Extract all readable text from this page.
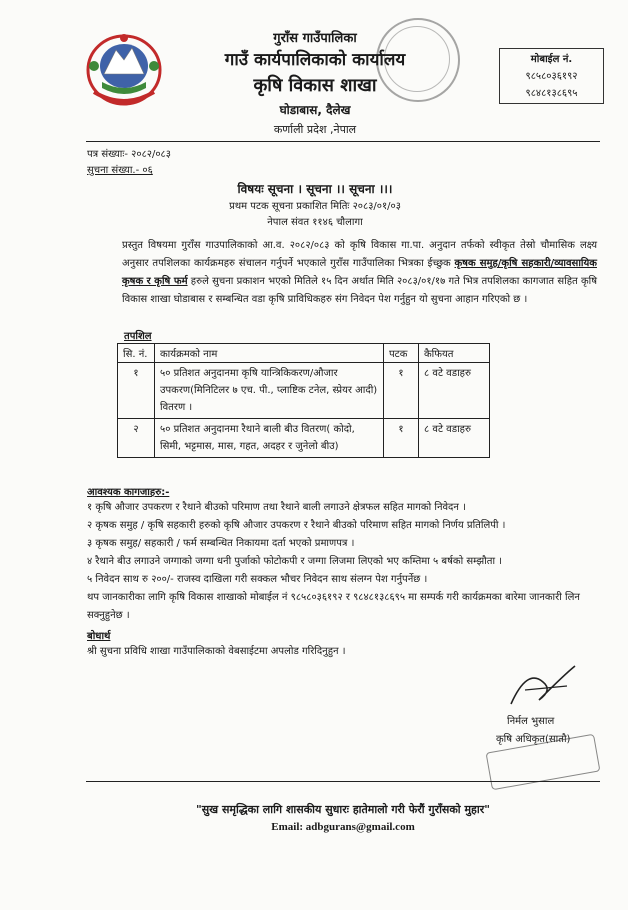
गुराँस गाउँपालिका
गाउँ कार्यपालिकाको कार्यालय
कृषि विकास शाखा
घोडाबास, दैलेख
कर्णाली प्रदेश ,नेपाल
मोबाईल नं.
९८५८०३६१९२
९८४८१३८६९५
पत्र संख्याः- २०८२/०८३
सुचना संख्या.- ०६
विषयः सूचना । सूचना ।। सूचना ।।।
प्रथम पटक सूचना प्रकाशित मितिः २०८३/०१/०३
नेपाल संवत ११४६ चौलागा
प्रस्तुत विषयमा गुराँस गाउपालिकाको आ.व. २०८२/०८३ को कृषि विकास गा.पा. अनुदान तर्फको स्वीकृत तेस्रो चौमासिक लक्ष्य अनुसार तपशिलका कार्यक्रमहरु संचालन गर्नुपर्ने भएकाले गुराँस गाउँपालिका भित्रका ईच्छुक कृषक समुह/कृषि सहकारी/व्यावसायिक कृषक र कृषि फर्म हरुले सुचना प्रकाशन भएको मितिले १५ दिन अर्थात मिति २०८३/०१/१७ गते भित्र तपशिलका कागजात सहित कृषि विकास शाखा घोडाबास र सम्बन्धित वडा कृषि प्राविधिकहरु संग निवेदन पेश गर्नुहुन यो सुचना आहान गरिएको छ ।
तपशिल
सि. नं.	कार्यक्रमको नाम	पटक	कैफियत
१	५० प्रतिशत अनुदानमा कृषि यान्त्रिकिकरण/औजार उपकरण(मिनिटिलर ७ एच. पी., प्लाष्टिक टनेल, स्प्रेयर आदी) वितरण ।	१	८ वटे वडाहरु
२	५० प्रतिशत अनुदानमा रैथाने बाली बीउ वितरण( कोदो, सिमी, भट्टमास, मास, गहत, अदहर र जुनेलो बीउ)	१	८ वटे वडाहरु
आवश्यक कागजाहरु:-
१ कृषि औजार उपकरण र रैथाने बीउको परिमाण तथा रैथाने बाली लगाउने क्षेत्रफल सहित मागको निवेदन ।
२ कृषक समुह / कृषि सहकारी हरुको कृषि औजार उपकरण र रैथाने बीउको परिमाण सहित मागको निर्णय प्रतिलिपी ।
३ कृषक समुह/ सहकारी / फर्म सम्बन्धित निकायमा दर्ता भएको प्रमाणपत्र ।
४ रैथाने बीउ लगाउने जग्गाको जग्गा धनी पुर्जाको फोटोकपी र जग्गा लिजमा लिएको भए कम्तिमा ५ बर्षको सम्झौता ।
५ निवेदन साथ रु २००/- राजस्व दाखिला गरी सक्कल भौचर निवेदन साथ संलग्न पेश गर्नुपर्नेछ ।
थप जानकारीका लागि कृषि विकास शाखाको मोबाईल नं ९८५८०३६१९२ र ९८४८१३८६९५ मा सम्पर्क गरी कार्यक्रमका बारेमा जानकारी लिन सक्नुहुनेछ ।
बोधार्थ
श्री सुचना प्रविधि शाखा गाउँपालिकाको वेबसाईटमा अपलोड गरिदिनुहुन ।
निर्मल भुसाल
कृषि अधिकृत(सातौ)
"सुख समृद्धिका लागि शासकीय सुधारः हातेमालो गरी फेरौं गुराँसको मुहार"
Email: adbgurans@gmail.com
